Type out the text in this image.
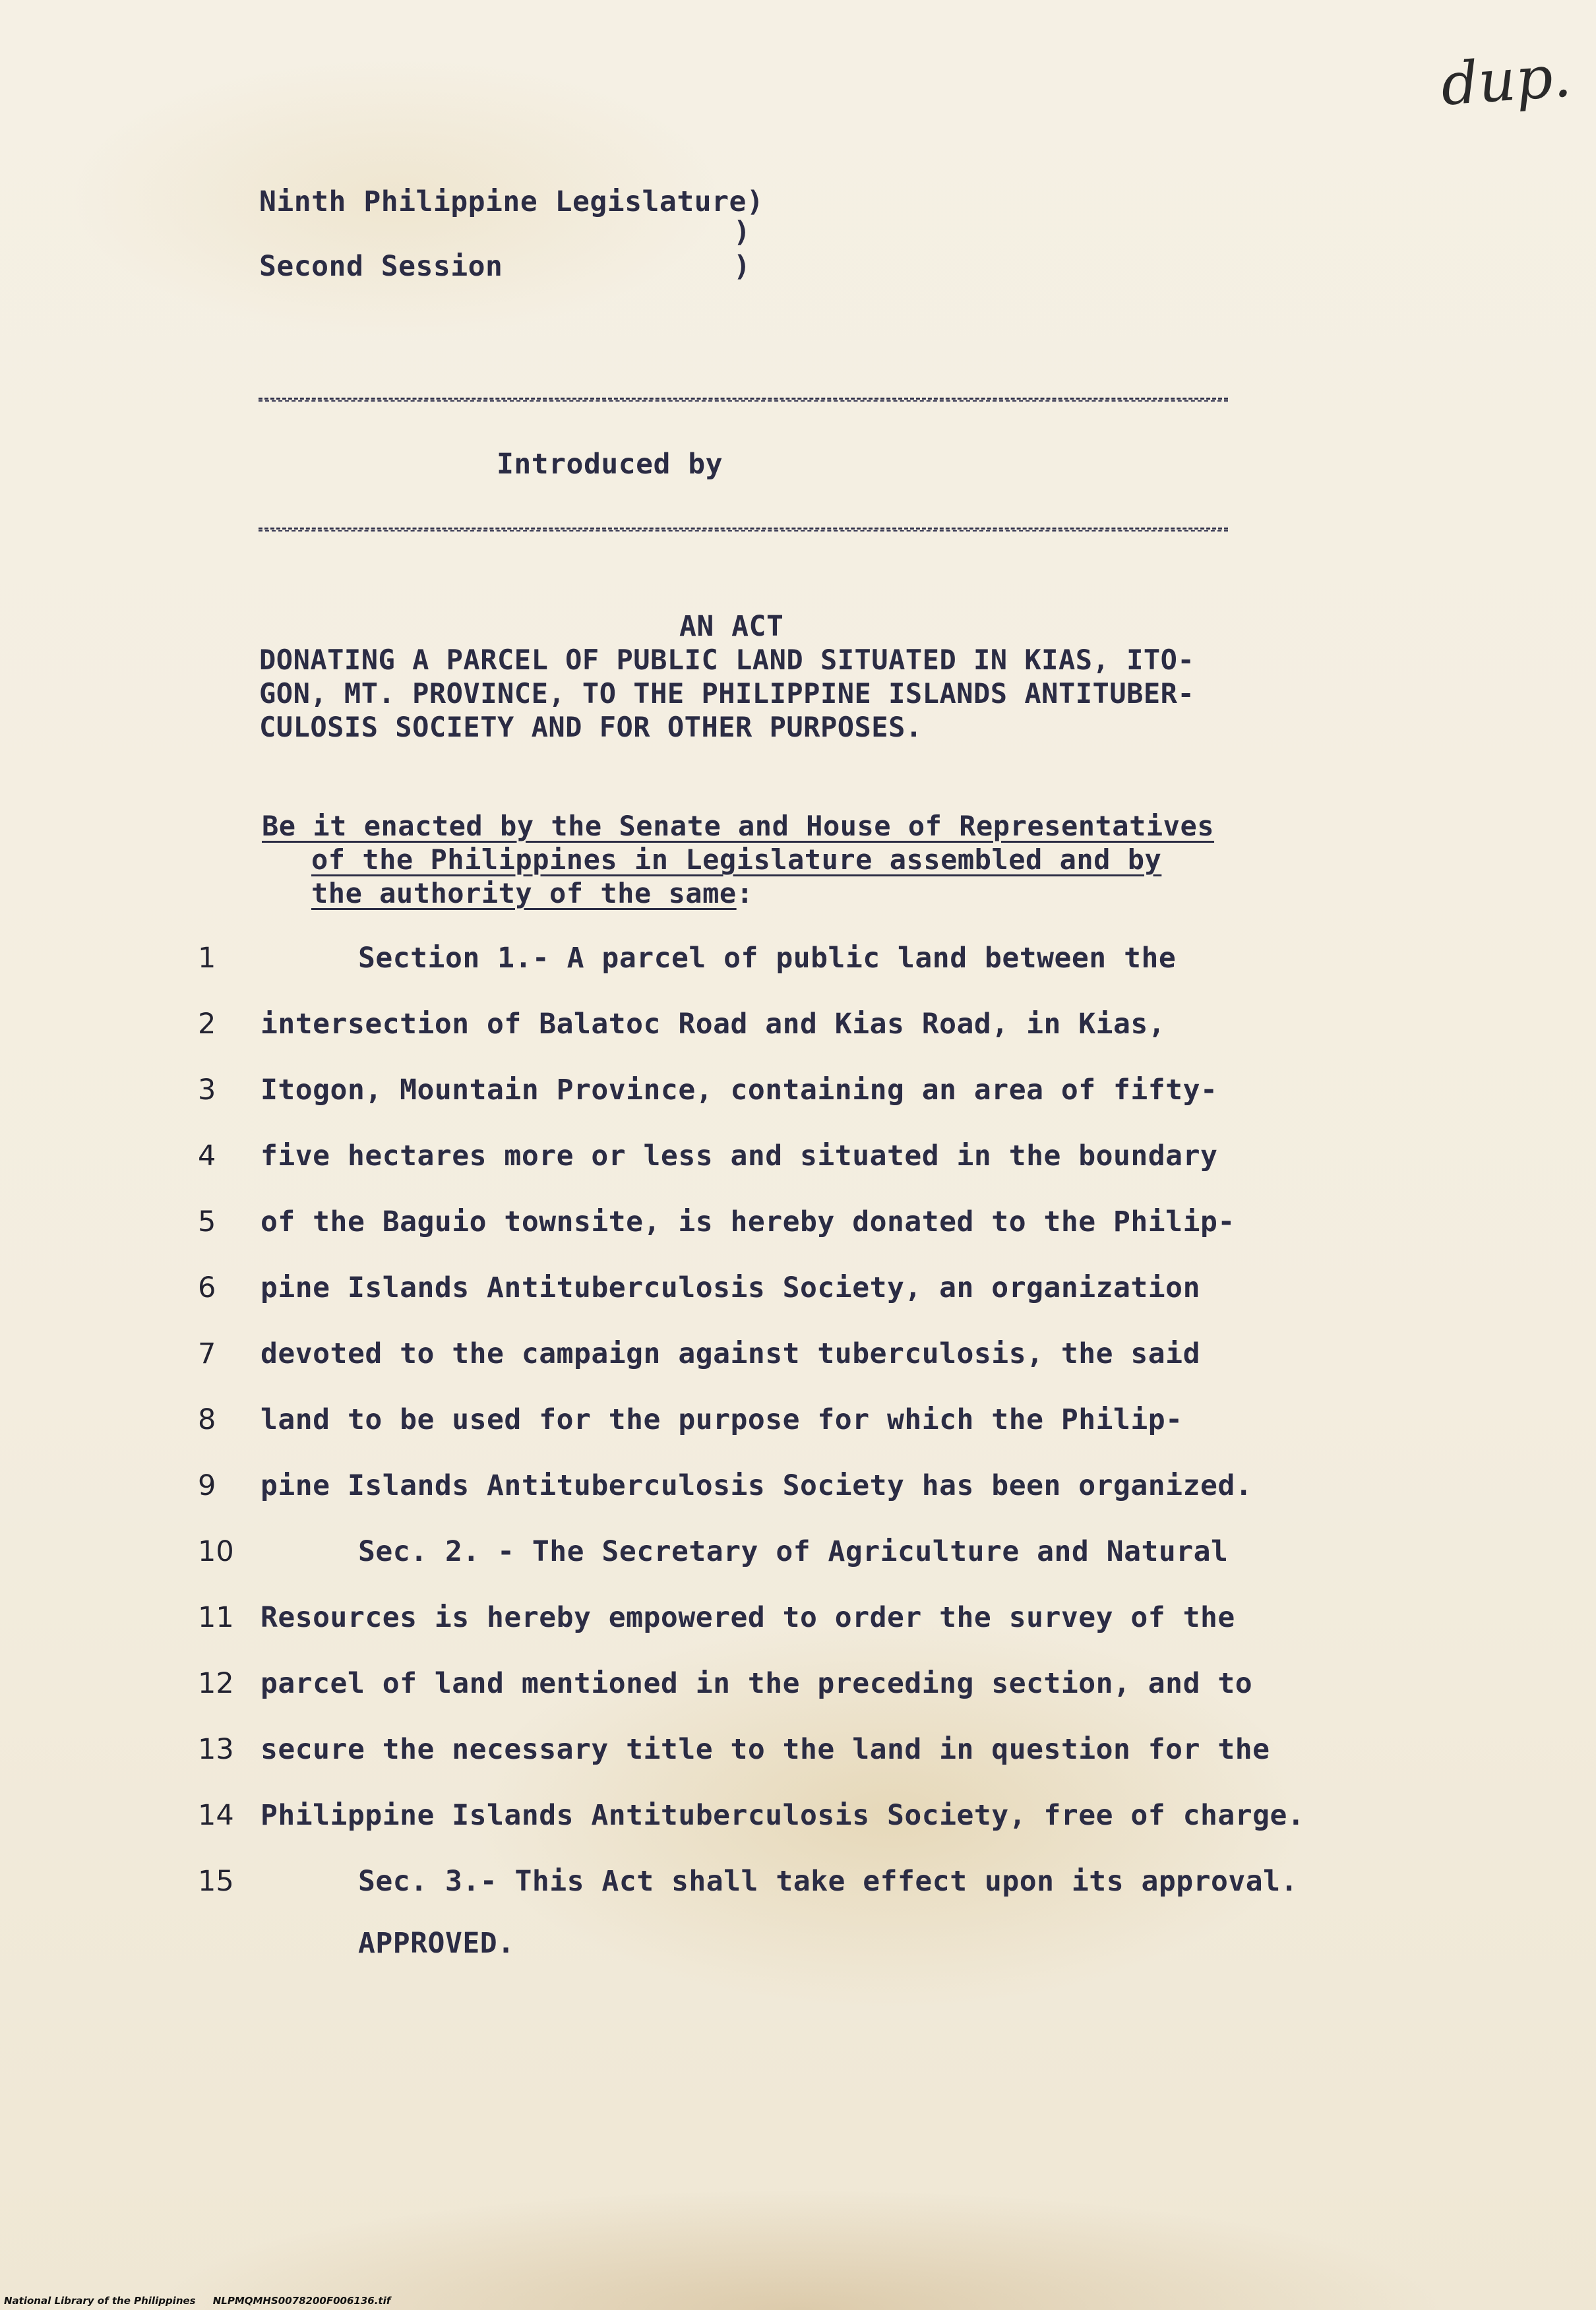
dup.
Ninth Philippine Legislature)
)
Second Session	)
Introduced by
AN ACT
DONATING A PARCEL OF PUBLIC LAND SITUATED IN KIAS, ITO-
GON, MT. PROVINCE, TO THE PHILIPPINE ISLANDS ANTITUBER-
CULOSIS SOCIETY AND FOR OTHER PURPOSES.
Be it enacted by the Senate and House of Representatives
of the Philippines in Legislature assembled and by
the authority of the same:
1	Section 1.- A parcel of public land between the
2	intersection of Balatoc Road and Kias Road, in Kias,
3	Itogon, Mountain Province, containing an area of fifty-
4	five hectares more or less and situated in the boundary
5	of the Baguio townsite, is hereby donated to the Philip-
6	pine Islands Antituberculosis Society, an organization
7	devoted to the campaign against tuberculosis, the said
8	land to be used for the purpose for which the Philip-
9	pine Islands Antituberculosis Society has been organized.
10	Sec. 2. - The Secretary of Agriculture and Natural
11 Resources is hereby empowered to order the survey of the
12 parcel of land mentioned in the preceding section, and to
13 secure the necessary title to the land in question for the
14 Philippine Islands Antituberculosis Society, free of charge.
15	Sec. 3.- This Act shall take effect upon its approval.
APPROVED.
National Library of the Philippines     NLPMQMHS0078200F006136.tif
